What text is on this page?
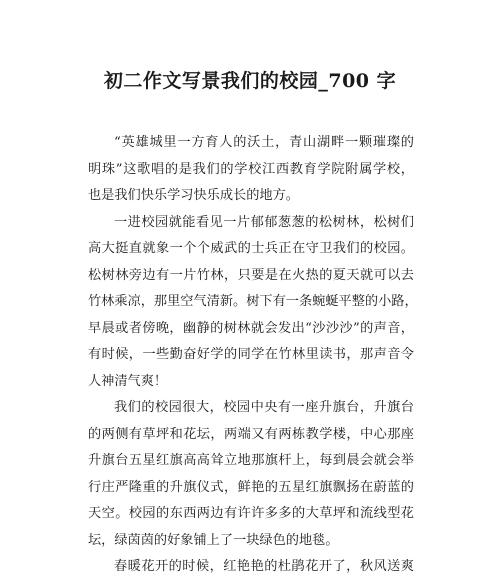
初二作文写景我们的校园_700 字
“英雄城里一方育人的沃土，青山湖畔一颗璀璨的
明珠”这歌唱的是我们的学校江西教育学院附属学校，
也是我们快乐学习快乐成长的地方。
一进校园就能看见一片郁郁葱葱的松树林，松树们
高大挺直就象一个个威武的士兵正在守卫我们的校园。
松树林旁边有一片竹林，只要是在火热的夏天就可以去
竹林乘凉，那里空气清新。树下有一条蜿蜒平整的小路，
早晨或者傍晚，幽静的树林就会发出“沙沙沙”的声音，
有时候，一些勤奋好学的同学在竹林里读书，那声音令
人神清气爽！
我们的校园很大，校园中央有一座升旗台，升旗台
的两侧有草坪和花坛，两端又有两栋教学楼，中心那座
升旗台五星红旗高高耸立地那旗杆上，每到晨会就会举
行庄严隆重的升旗仪式，鲜艳的五星红旗飘扬在蔚蓝的
天空。校园的东西两边有许许多多的大草坪和流线型花
坛，绿茵茵的好象铺上了一块绿色的地毯。
春暖花开的时候，红艳艳的杜鹃花开了，秋风送爽
